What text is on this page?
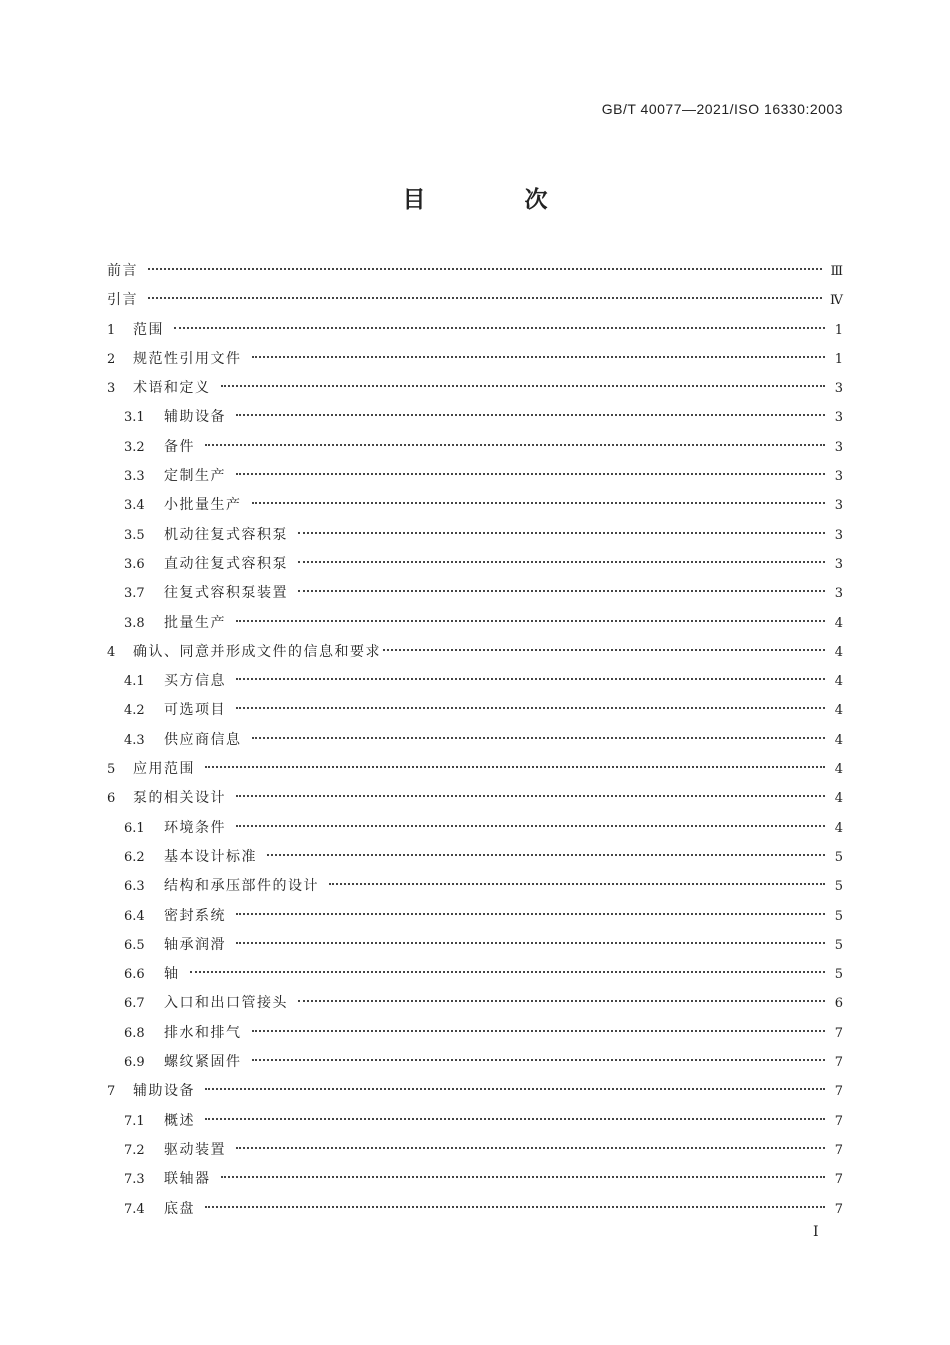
GB/T 40077—2021/ISO 16330:2003
目　次
前言	Ⅲ
引言	Ⅳ
1	范围	1
2	规范性引用文件	1
3	术语和定义	3
3.1	辅助设备	3
3.2	备件	3
3.3	定制生产	3
3.4	小批量生产	3
3.5	机动往复式容积泵	3
3.6	直动往复式容积泵	3
3.7	往复式容积泵装置	3
3.8	批量生产	4
4	确认、同意并形成文件的信息和要求	4
4.1	买方信息	4
4.2	可选项目	4
4.3	供应商信息	4
5	应用范围	4
6	泵的相关设计	4
6.1	环境条件	4
6.2	基本设计标准	5
6.3	结构和承压部件的设计	5
6.4	密封系统	5
6.5	轴承润滑	5
6.6	轴	5
6.7	入口和出口管接头	6
6.8	排水和排气	7
6.9	螺纹紧固件	7
7	辅助设备	7
7.1	概述	7
7.2	驱动装置	7
7.3	联轴器	7
7.4	底盘	7
Ⅰ
